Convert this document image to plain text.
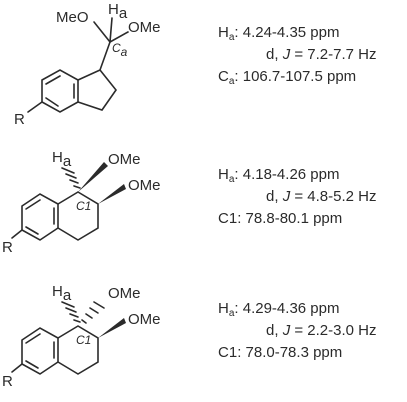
R
MeO
OMe
Ha
Ca
$H_a$: 4.24-4.35 ppm
d, J = 7.2-7.7 Hz
$C_a$: 106.7-107.5 ppm
R
OMe
OMe
Ha
C1
$H_a$: 4.18-4.26 ppm
d, J = 4.8-5.2 Hz
C1: 78.8-80.1 ppm
R
OMe
OMe
Ha
C1
$H_a$: 4.29-4.36 ppm
d, J = 2.2-3.0 Hz
C1: 78.0-78.3 ppm
